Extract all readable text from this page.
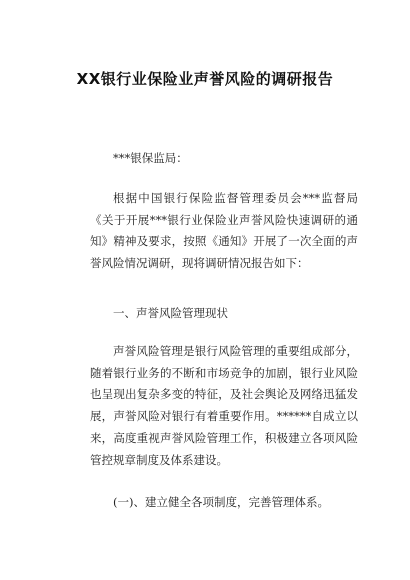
XX银行业保险业声誉风险的调研报告

***银保监局：

根据中国银行保险监督管理委员会***监督局《关于开展***银行业保险业声誉风险快速调研的通知》精神及要求，按照《通知》开展了一次全面的声誉风险情况调研，现将调研情况报告如下：

一、声誉风险管理现状

声誉风险管理是银行风险管理的重要组成部分，随着银行业务的不断和市场竞争的加剧，银行业风险也呈现出复杂多变的特征，及社会舆论及网络迅猛发展，声誉风险对银行有着重要作用。******自成立以来，高度重视声誉风险管理工作，积极建立各项风险管控规章制度及体系建设。

(一)、建立健全各项制度，完善管理体系。
